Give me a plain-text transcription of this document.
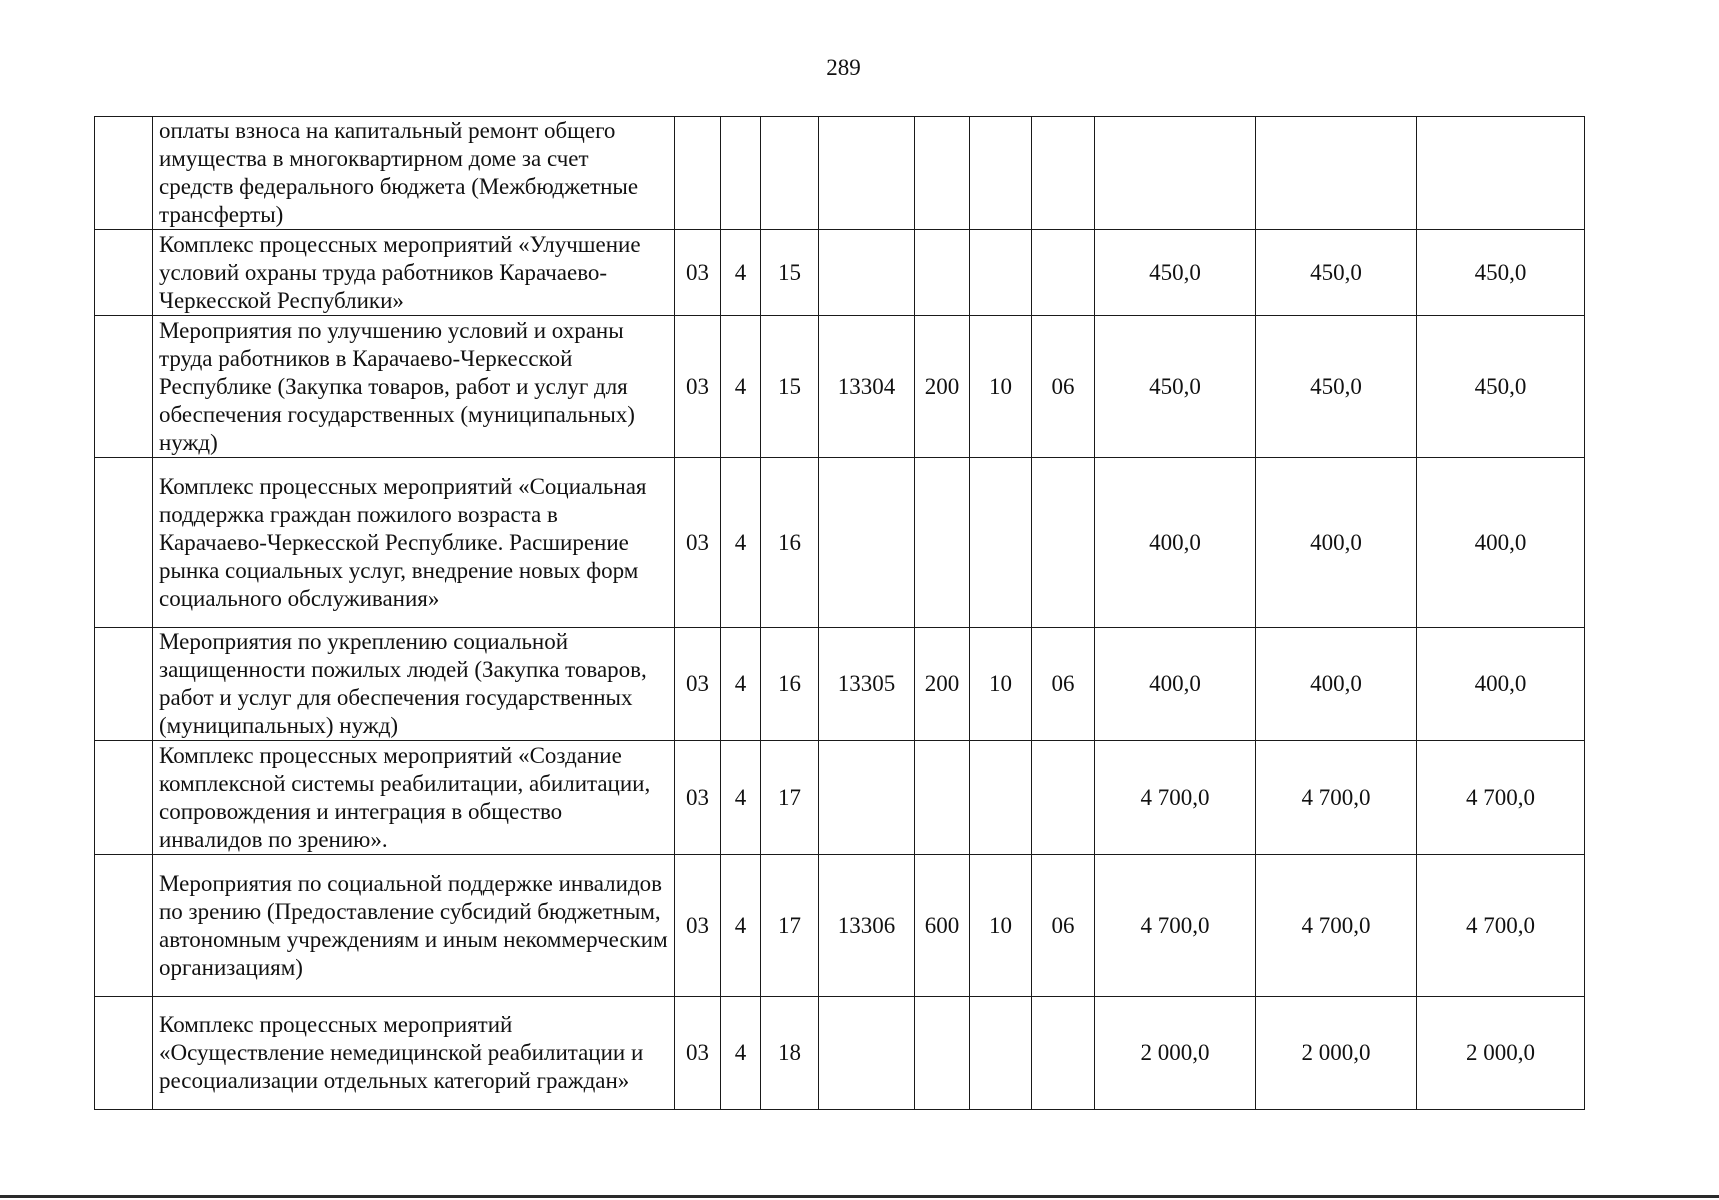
289
	оплаты взноса на капитальный ремонт общего имущества в многоквартирном доме за счет средств федерального бюджета (Межбюджетные трансферты)										
	Комплекс процессных мероприятий «Улучшение условий охраны труда работников Карачаево-Черкесской Республики»	03	4	15					450,0	450,0	450,0
	Мероприятия по улучшению условий и охраны труда работников в Карачаево-Черкесской Республике (Закупка товаров, работ и услуг для обеспечения государственных (муниципальных) нужд)	03	4	15	13304	200	10	06	450,0	450,0	450,0
	Комплекс процессных мероприятий «Социальная поддержка граждан пожилого возраста в Карачаево-Черкесской Республике. Расширение рынка социальных услуг, внедрение новых форм социального обслуживания»	03	4	16					400,0	400,0	400,0
	Мероприятия по укреплению социальной защищенности пожилых людей (Закупка товаров, работ и услуг для обеспечения государственных (муниципальных) нужд)	03	4	16	13305	200	10	06	400,0	400,0	400,0
	Комплекс процессных мероприятий «Создание комплексной системы реабилитации, абилитации, сопровождения и интеграция в общество инвалидов по зрению».	03	4	17					4 700,0	4 700,0	4 700,0
	Мероприятия по социальной поддержке инвалидов по зрению (Предоставление субсидий бюджетным, автономным учреждениям и иным некоммерческим организациям)	03	4	17	13306	600	10	06	4 700,0	4 700,0	4 700,0
	Комплекс процессных мероприятий «Осуществление немедицинской реабилитации и ресоциализации отдельных категорий граждан»	03	4	18					2 000,0	2 000,0	2 000,0
